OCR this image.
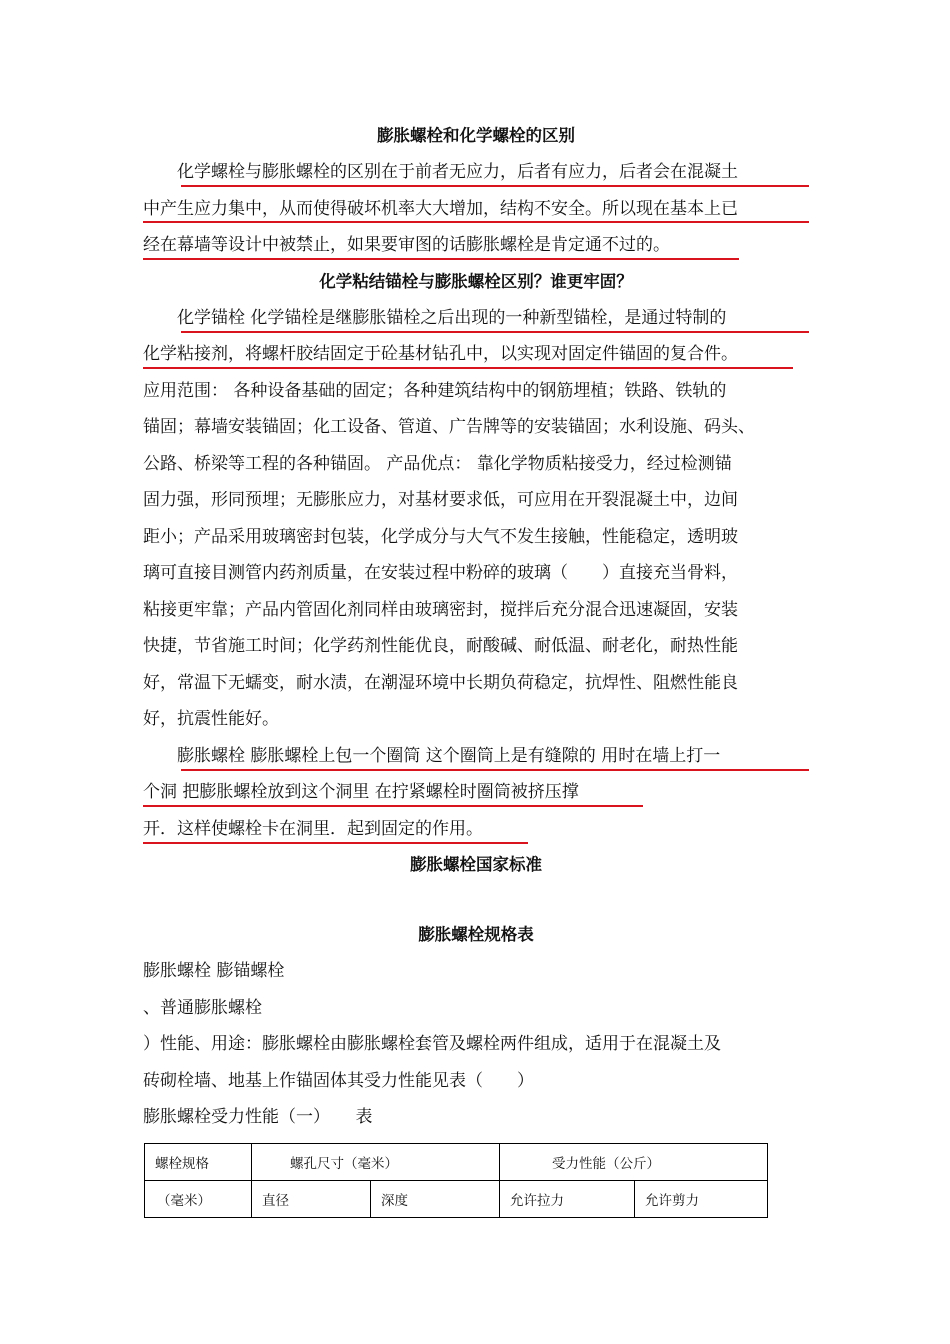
膨胀螺栓和化学螺栓的区别

化学螺栓与膨胀螺栓的区别在于前者无应力，后者有应力，后者会在混凝土

中产生应力集中，从而使得破坏机率大大增加，结构不安全。所以现在基本上已

经在幕墙等设计中被禁止，如果要审图的话膨胀螺栓是肯定通不过的。

化学粘结锚栓与膨胀螺栓区别？谁更牢固？

化学锚栓 化学锚栓是继膨胀锚栓之后出现的一种新型锚栓，是通过特制的

化学粘接剂，将螺杆胶结固定于砼基材钻孔中，以实现对固定件锚固的复合件。

应用范围： 各种设备基础的固定；各种建筑结构中的钢筋埋植；铁路、铁轨的

锚固；幕墙安装锚固；化工设备、管道、广告牌等的安装锚固；水利设施、码头、

公路、桥梁等工程的各种锚固。 产品优点： 靠化学物质粘接受力，经过检测锚

固力强，形同预埋；无膨胀应力，对基材要求低，可应用在开裂混凝土中，边间

距小；产品采用玻璃密封包装，化学成分与大气不发生接触，性能稳定，透明玻

璃可直接目测管内药剂质量，在安装过程中粉碎的玻璃（　　）直接充当骨料，

粘接更牢靠；产品内管固化剂同样由玻璃密封，搅拌后充分混合迅速凝固，安装

快捷，节省施工时间；化学药剂性能优良，耐酸碱、耐低温、耐老化，耐热性能

好，常温下无蠕变，耐水渍，在潮湿环境中长期负荷稳定，抗焊性、阻燃性能良

好，抗震性能好。

膨胀螺栓 膨胀螺栓上包一个圈筒 这个圈筒上是有缝隙的 用时在墙上打一

个洞 把膨胀螺栓放到这个洞里 在拧紧螺栓时圈筒被挤压撑

开．这样使螺栓卡在洞里．起到固定的作用。

膨胀螺栓国家标准
膨胀螺栓规格表

膨胀螺栓 膨锚螺栓

、普通膨胀螺栓

）性能、用途：膨胀螺栓由膨胀螺栓套管及螺栓两件组成，适用于在混凝土及

砖砌栓墙、地基上作锚固体其受力性能见表（　　）

膨胀螺栓受力性能（一）　　表

螺栓规格	螺孔尺寸（毫米）		受力性能（公斤）	
（毫米）	直径	深度	允许拉力	允许剪力
